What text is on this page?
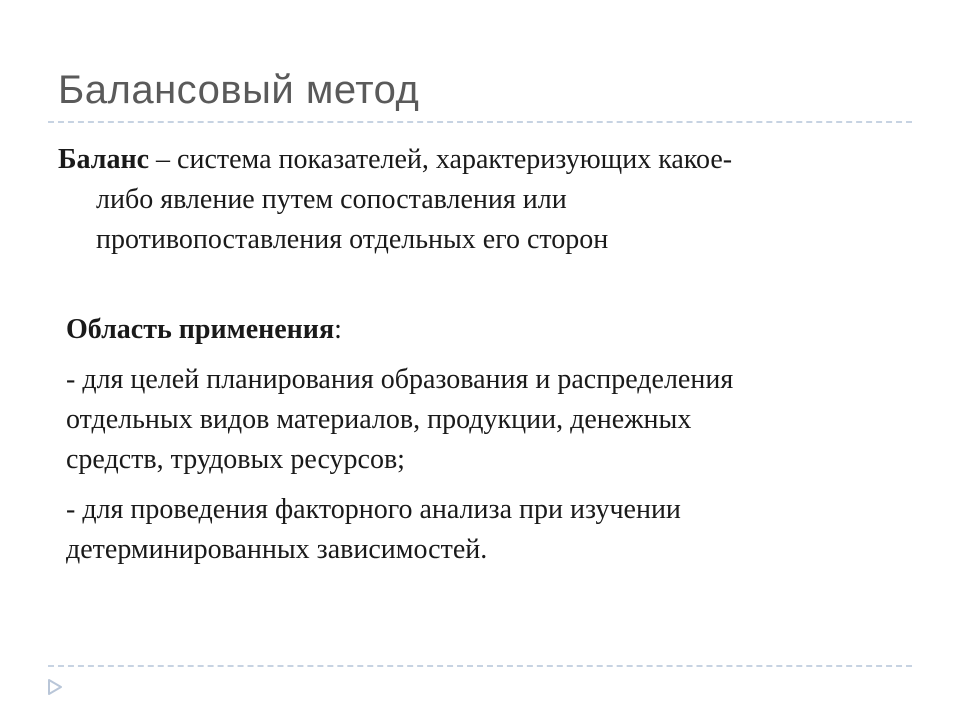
Балансовый метод
Баланс – система показателей, характеризующих какое-
либо явление путем сопоставления или
противопоставления отдельных его сторон

Область применения:

- для целей планирования образования и распределения
отдельных видов материалов, продукции, денежных
средств, трудовых ресурсов;

- для проведения факторного анализа при изучении
детерминированных зависимостей.
